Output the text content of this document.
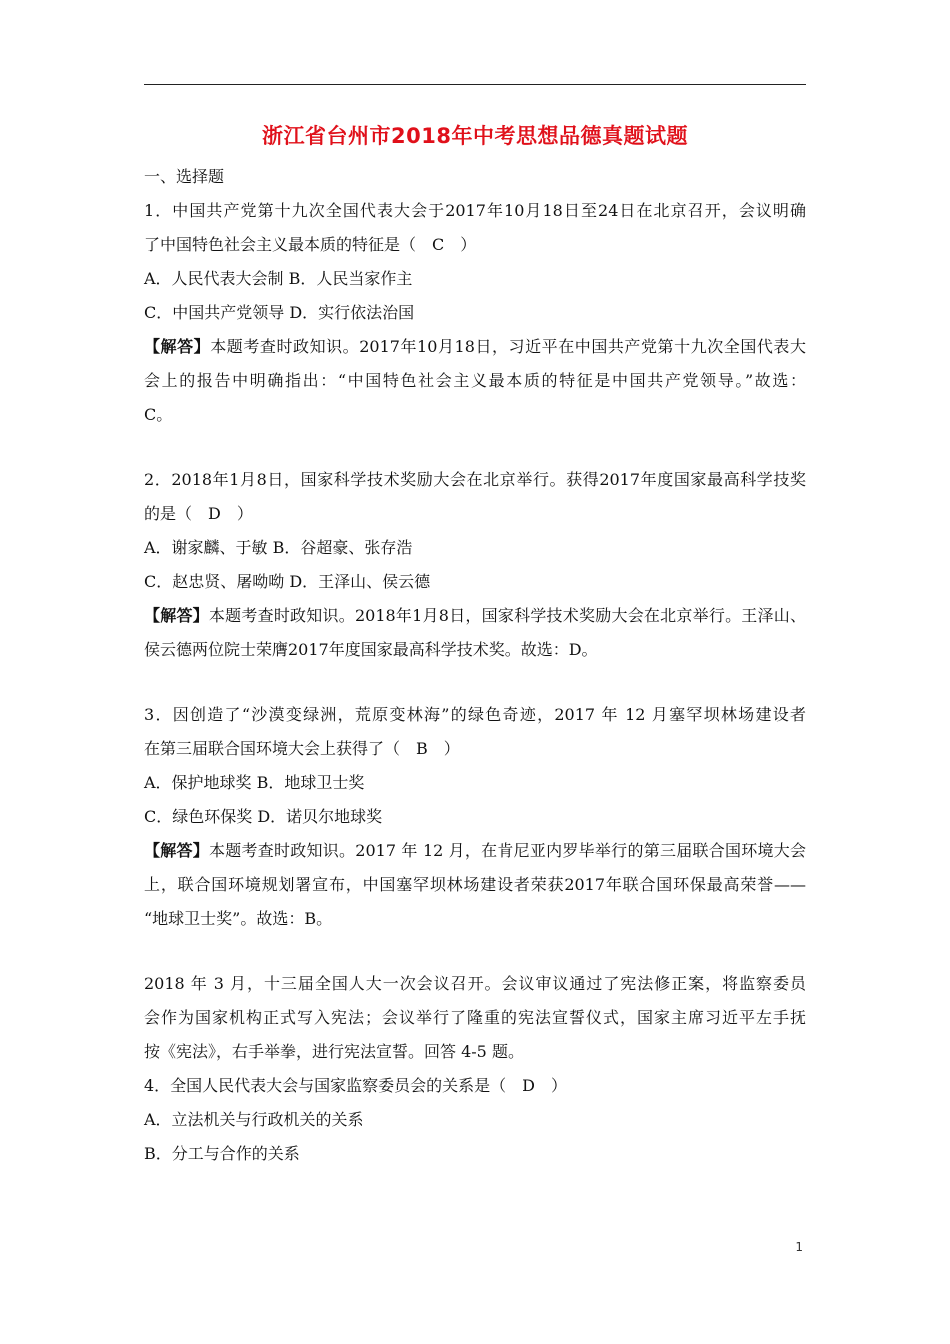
浙江省台州市2018年中考思想品德真题试题
一、选择题
1．中国共产党第十九次全国代表大会于2017年10月18日至24日在北京召开，会议明确
了中国特色社会主义最本质的特征是（　C　）
A．人民代表大会制 B．人民当家作主
C．中国共产党领导 D．实行依法治国
【解答】本题考查时政知识。2017年10月18日，习近平在中国共产党第十九次全国代表大
会上的报告中明确指出：“中国特色社会主义最本质的特征是中国共产党领导。”故选：
C。
2．2018年1月8日，国家科学技术奖励大会在北京举行。获得2017年度国家最高科学技奖
的是（　D　）
A．谢家麟、于敏 B．谷超豪、张存浩
C．赵忠贤、屠呦呦 D．王泽山、侯云德
【解答】本题考查时政知识。2018年1月8日，国家科学技术奖励大会在北京举行。王泽山、
侯云德两位院士荣膺2017年度国家最高科学技术奖。故选：D。
3．因创造了“沙漠变绿洲，荒原变林海”的绿色奇迹，2017 年 12 月塞罕坝林场建设者
在第三届联合国环境大会上获得了（　B　）
A．保护地球奖 B．地球卫士奖
C．绿色环保奖 D．诺贝尔地球奖
【解答】本题考查时政知识。2017 年 12 月，在肯尼亚内罗毕举行的第三届联合国环境大会
上，联合国环境规划署宣布，中国塞罕坝林场建设者荣获2017年联合国环保最高荣誉——
“地球卫士奖”。故选：B。
2018 年 3 月，十三届全国人大一次会议召开。会议审议通过了宪法修正案，将监察委员
会作为国家机构正式写入宪法；会议举行了隆重的宪法宣誓仪式，国家主席习近平左手抚
按《宪法》，右手举拳，进行宪法宣誓。回答 4-5 题。
4．全国人民代表大会与国家监察委员会的关系是（　D　）
A．立法机关与行政机关的关系
B．分工与合作的关系
1
